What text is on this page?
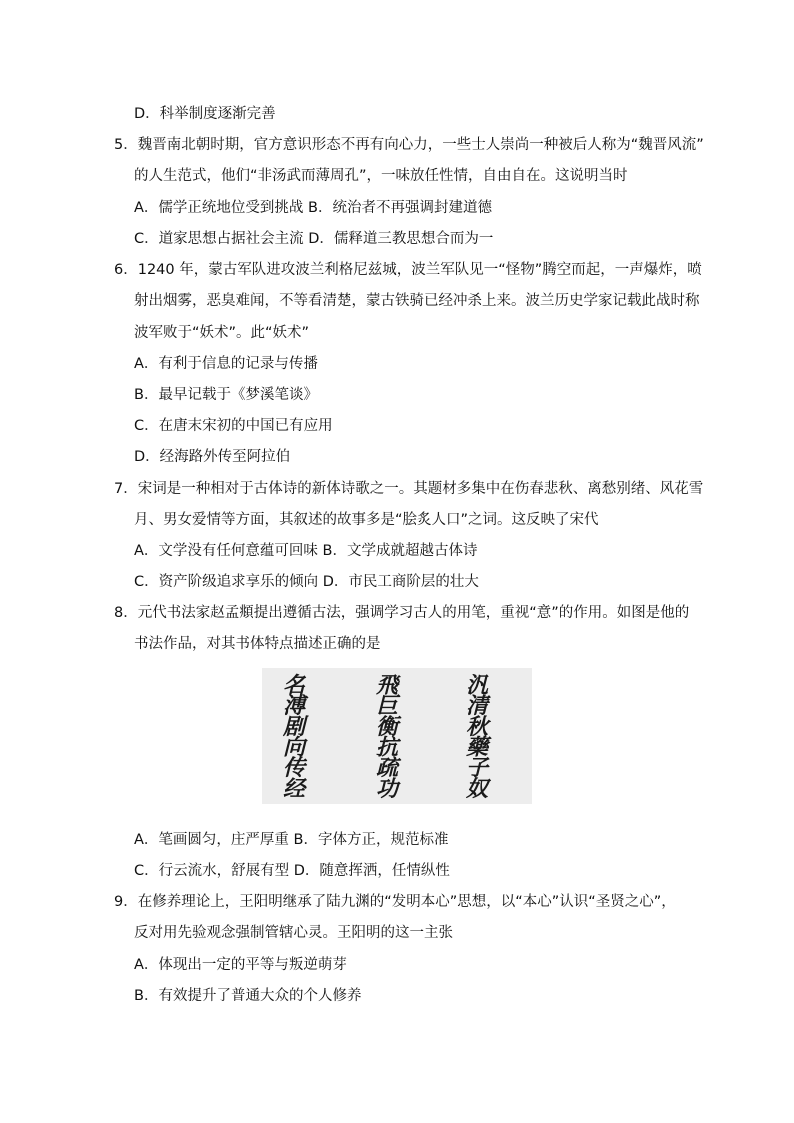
D．科举制度逐渐完善
5．魏晋南北朝时期，官方意识形态不再有向心力，一些士人崇尚一种被后人称为“魏晋风流”
的人生范式，他们“非汤武而薄周孔”，一味放任性情，自由自在。这说明当时
A．儒学正统地位受到挑战 B．统治者不再强调封建道德
C．道家思想占据社会主流 D．儒释道三教思想合而为一
6．1240 年，蒙古军队进攻波兰利格尼兹城，波兰军队见一“怪物”腾空而起，一声爆炸，喷
射出烟雾，恶臭难闻，不等看清楚，蒙古铁骑已经冲杀上来。波兰历史学家记载此战时称
波军败于“妖术”。此“妖术”
A．有利于信息的记录与传播
B．最早记载于《梦溪笔谈》
C．在唐末宋初的中国已有应用
D．经海路外传至阿拉伯
7．宋词是一种相对于古体诗的新体诗歌之一。其题材多集中在伤春悲秋、离愁别绪、风花雪
月、男女爱情等方面，其叙述的故事多是“脍炙人口”之词。这反映了宋代
A．文学没有任何意蕴可回味 B．文学成就超越古体诗
C．资产阶级追求享乐的倾向 D．市民工商阶层的壮大
8．元代书法家赵孟頫提出遵循古法，强调学习古人的用笔，重视“意”的作用。如图是他的
书法作品，对其书体特点描述正确的是
名
溥
剧
向
传
经
飛
巨
衡
抗
疏
功
汎
清
秋
藥
子
奴
A．笔画圆匀，庄严厚重 B．字体方正，规范标准
C．行云流水，舒展有型 D．随意挥洒，任情纵性
9．在修养理论上，王阳明继承了陆九渊的“发明本心”思想，以“本心”认识“圣贤之心”，
反对用先验观念强制管辖心灵。王阳明的这一主张
A．体现出一定的平等与叛逆萌芽
B．有效提升了普通大众的个人修养
